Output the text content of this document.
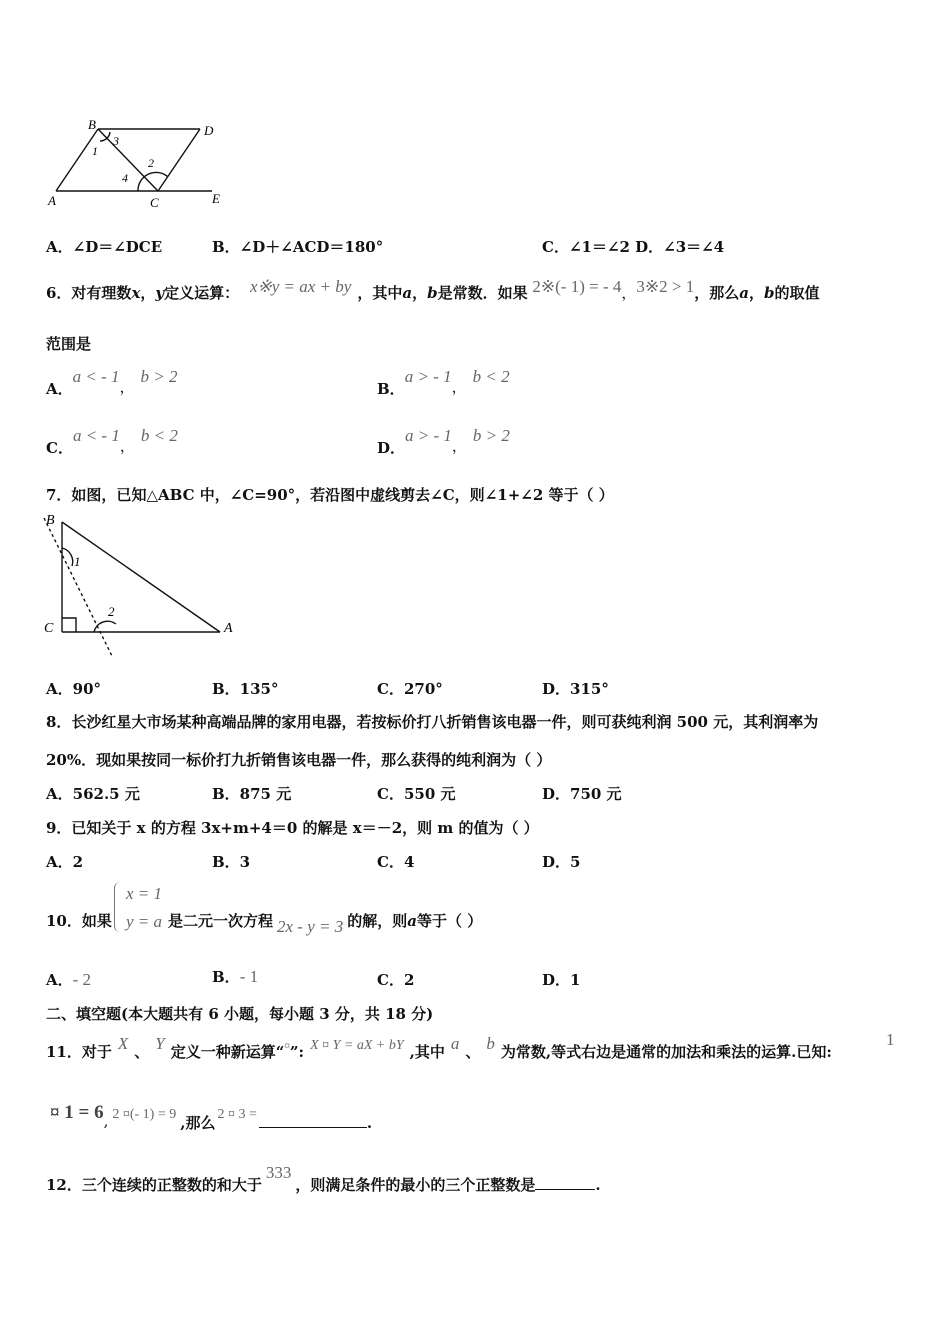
B	D
A	C	E
1
3
2
4
A．∠D＝∠DCE	B．∠D＋∠ACD＝180°	C．∠1＝∠2 D．∠3＝∠4
6．对有理数x，y定义运算： x※y = ax + by ，其中a，b是常数．如果 2※(‑ 1) = ‑ 4，3※2 > 1，那么a，b的取值
范围是
A．a < ‑ 1，b > 2
B．a > ‑ 1，b < 2
C．a < ‑ 1，b < 2
D．a > ‑ 1，b > 2
7．如图，已知△ABC 中，∠C=90°，若沿图中虚线剪去∠C，则∠1+∠2 等于（ ）
B
C	A
1
2
A．90°	B．135°	C．270°	D．315°
8．长沙红星大市场某种高端品牌的家用电器，若按标价打八折销售该电器一件，则可获纯利润 500 元，其利润率为
20%．现如果按同一标价打九折销售该电器一件，那么获得的纯利润为（ ）
A．562.5 元	B．875 元	C．550 元	D．750 元
9．已知关于 x 的方程 3x+m+4＝0 的解是 x＝－2，则 m 的值为（ ）
A．2	B．3	C．4	D．5
10．如果
x = 1
y = a 是二元一次方程 2x ‑ y = 3 的解，则a等于（ ）
A．‑ 2	B．‑ 1	C．2	D．1
二、填空题(本大题共有 6 小题，每小题 3 分，共 18 分)
11．对于 X 、 Y 定义一种新运算“¤”: X ¤ Y = aX + bY ,其中 a 、 b 为常数,等式右边是通常的加法和乘法的运算.已知:
1
¤ 1 = 6, 2 ¤(‑ 1) = 9 ,那么 2 ¤ 3 =	.
12．三个连续的正整数的和大于333，则满足条件的最小的三个正整数是	.
